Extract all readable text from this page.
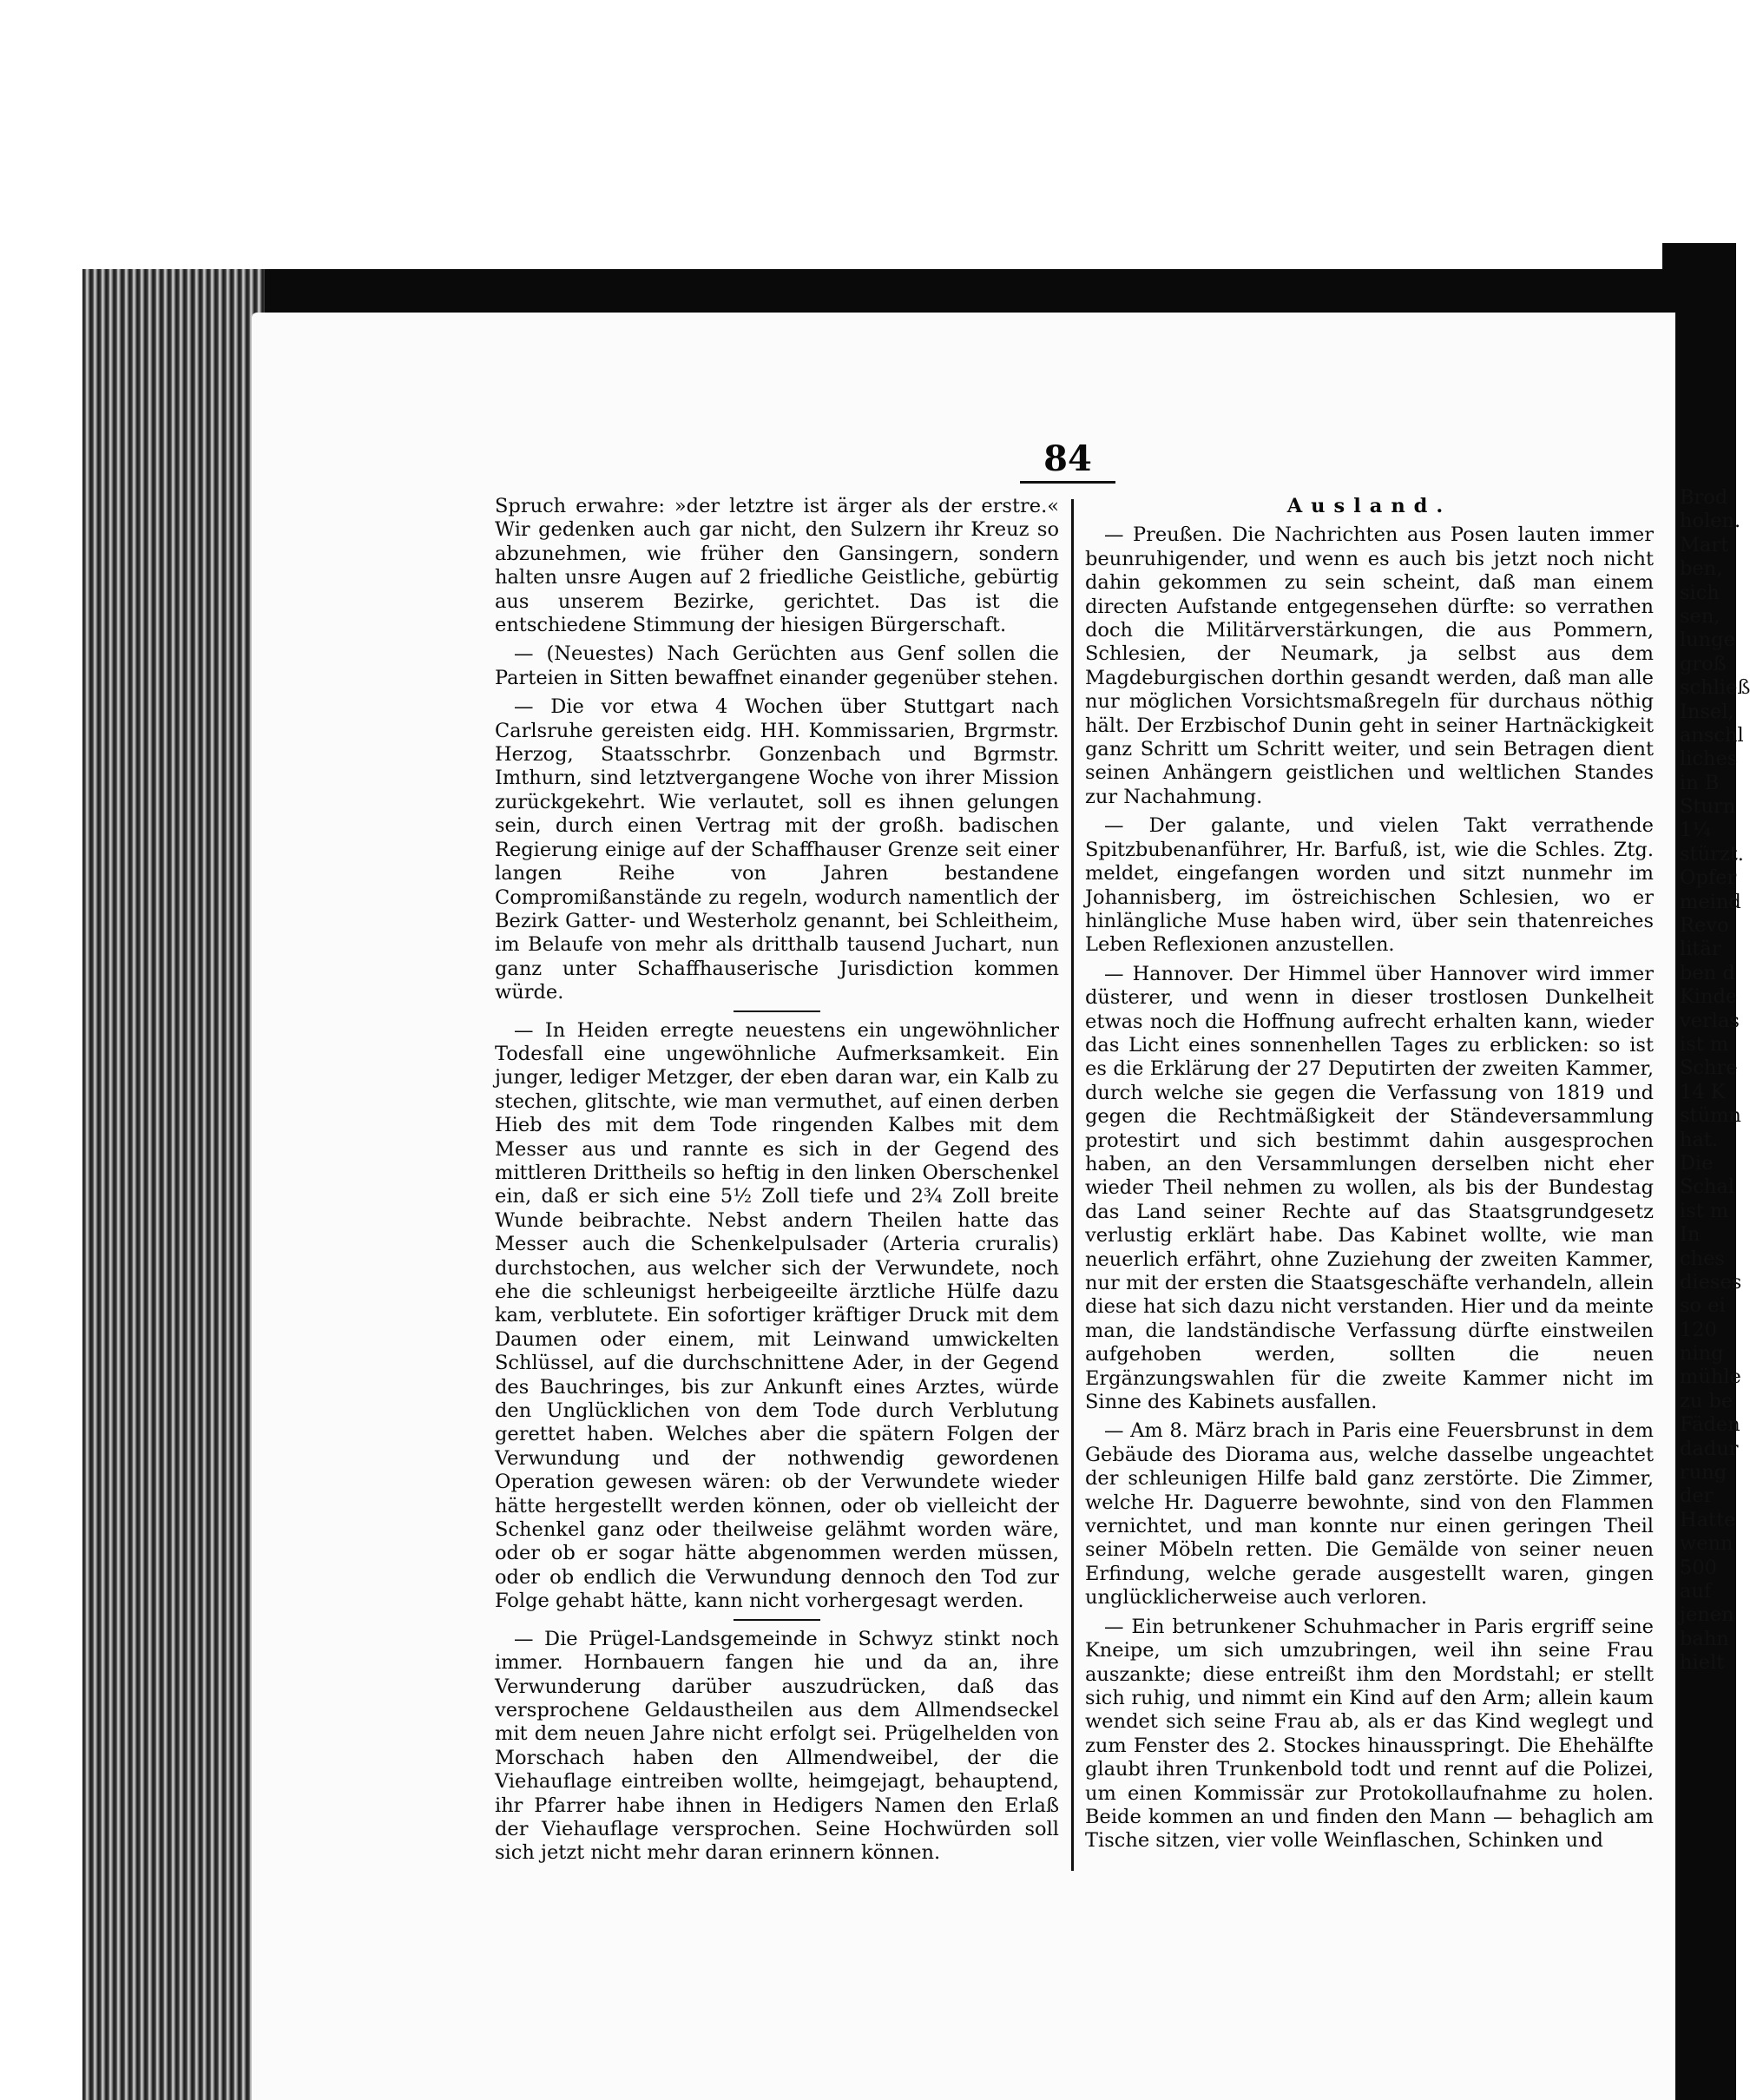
84

Spruch erwahre: »der letztre ist ärger als der erstre.« Wir gedenken auch gar nicht, den Sulzern ihr Kreuz so abzunehmen, wie früher den Gansingern, sondern halten unsre Augen auf 2 friedliche Geistliche, gebürtig aus unserem Bezirke, gerichtet. Das ist die entschiedene Stimmung der hiesigen Bürgerschaft.

— (Neuestes) Nach Gerüchten aus Genf sollen die Parteien in Sitten bewaffnet einander gegenüber stehen.

— Die vor etwa 4 Wochen über Stuttgart nach Carlsruhe gereisten eidg. HH. Kommissarien, Brgrmstr. Herzog, Staatsschrbr. Gonzenbach und Bgrmstr. Imthurn, sind letztvergangene Woche von ihrer Mission zurückgekehrt. Wie verlautet, soll es ihnen gelungen sein, durch einen Vertrag mit der großh. badischen Regierung einige auf der Schaffhauser Grenze seit einer langen Reihe von Jahren bestandene Compromißanstände zu regeln, wodurch namentlich der Bezirk Gatter- und Westerholz genannt, bei Schleitheim, im Belaufe von mehr als dritthalb tausend Juchart, nun ganz unter Schaffhauserische Jurisdiction kommen würde.

— In Heiden erregte neuestens ein ungewöhnlicher Todesfall eine ungewöhnliche Aufmerksamkeit. Ein junger, lediger Metzger, der eben daran war, ein Kalb zu stechen, glitschte, wie man vermuthet, auf einen derben Hieb des mit dem Tode ringenden Kalbes mit dem Messer aus und rannte es sich in der Gegend des mittleren Drittheils so heftig in den linken Oberschenkel ein, daß er sich eine 5½ Zoll tiefe und 2¾ Zoll breite Wunde beibrachte. Nebst andern Theilen hatte das Messer auch die Schenkelpulsader (Arteria cruralis) durchstochen, aus welcher sich der Verwundete, noch ehe die schleunigst herbeigeeilte ärztliche Hülfe dazu kam, verblutete. Ein sofortiger kräftiger Druck mit dem Daumen oder einem, mit Leinwand umwickelten Schlüssel, auf die durchschnittene Ader, in der Gegend des Bauchringes, bis zur Ankunft eines Arztes, würde den Unglücklichen von dem Tode durch Verblutung gerettet haben. Welches aber die spätern Folgen der Verwundung und der nothwendig gewordenen Operation gewesen wären: ob der Verwundete wieder hätte hergestellt werden können, oder ob vielleicht der Schenkel ganz oder theilweise gelähmt worden wäre, oder ob er sogar hätte abgenommen werden müssen, oder ob endlich die Verwundung dennoch den Tod zur Folge gehabt hätte, kann nicht vorhergesagt werden.

— Die Prügel-Landsgemeinde in Schwyz stinkt noch immer. Hornbauern fangen hie und da an, ihre Verwunderung darüber auszudrücken, daß das versprochene Geldaustheilen aus dem Allmendseckel mit dem neuen Jahre nicht erfolgt sei. Prügelhelden von Morschach haben den Allmendweibel, der die Viehauflage eintreiben wollte, heimgejagt, behauptend, ihr Pfarrer habe ihnen in Hedigers Namen den Erlaß der Viehauflage versprochen. Seine Hochwürden soll sich jetzt nicht mehr daran erinnern können.

Ausland.

— Preußen. Die Nachrichten aus Posen lauten immer beunruhigender, und wenn es auch bis jetzt noch nicht dahin gekommen zu sein scheint, daß man einem directen Aufstande entgegensehen dürfte: so verrathen doch die Militärverstärkungen, die aus Pommern, Schlesien, der Neumark, ja selbst aus dem Magdeburgischen dorthin gesandt werden, daß man alle nur möglichen Vorsichtsmaßregeln für durchaus nöthig hält. Der Erzbischof Dunin geht in seiner Hartnäckigkeit ganz Schritt um Schritt weiter, und sein Betragen dient seinen Anhängern geistlichen und weltlichen Standes zur Nachahmung.

— Der galante, und vielen Takt verrathende Spitzbubenanführer, Hr. Barfuß, ist, wie die Schles. Ztg. meldet, eingefangen worden und sitzt nunmehr im Johannisberg, im östreichischen Schlesien, wo er hinlängliche Muse haben wird, über sein thatenreiches Leben Reflexionen anzustellen.

— Hannover. Der Himmel über Hannover wird immer düsterer, und wenn in dieser trostlosen Dunkelheit etwas noch die Hoffnung aufrecht erhalten kann, wieder das Licht eines sonnenhellen Tages zu erblicken: so ist es die Erklärung der 27 Deputirten der zweiten Kammer, durch welche sie gegen die Verfassung von 1819 und gegen die Rechtmäßigkeit der Ständeversammlung protestirt und sich bestimmt dahin ausgesprochen haben, an den Versammlungen derselben nicht eher wieder Theil nehmen zu wollen, als bis der Bundestag das Land seiner Rechte auf das Staatsgrundgesetz verlustig erklärt habe. Das Kabinet wollte, wie man neuerlich erfährt, ohne Zuziehung der zweiten Kammer, nur mit der ersten die Staatsgeschäfte verhandeln, allein diese hat sich dazu nicht verstanden. Hier und da meinte man, die landständische Verfassung dürfte einstweilen aufgehoben werden, sollten die neuen Ergänzungswahlen für die zweite Kammer nicht im Sinne des Kabinets ausfallen.

— Am 8. März brach in Paris eine Feuersbrunst in dem Gebäude des Diorama aus, welche dasselbe ungeachtet der schleunigen Hilfe bald ganz zerstörte. Die Zimmer, welche Hr. Daguerre bewohnte, sind von den Flammen vernichtet, und man konnte nur einen geringen Theil seiner Möbeln retten. Die Gemälde von seiner neuen Erfindung, welche gerade ausgestellt waren, gingen unglücklicherweise auch verloren.

— Ein betrunkener Schuhmacher in Paris ergriff seine Kneipe, um sich umzubringen, weil ihn seine Frau auszankte; diese entreißt ihm den Mordstahl; er stellt sich ruhig, und nimmt ein Kind auf den Arm; allein kaum wendet sich seine Frau ab, als er das Kind weglegt und zum Fenster des 2. Stockes hinausspringt. Die Ehehälfte glaubt ihren Trunkenbold todt und rennt auf die Polizei, um einen Kommissär zur Protokollaufnahme zu holen. Beide kommen an und finden den Mann — behaglich am Tische sitzen, vier volle Weinflaschen, Schinken und

Brod
holen.
Mart
ben,
sich
sen,
lunge
groß
schließ
Insel,
anschl
liches
in B
Sturn
1¼
stürzt.
Opfer
meind
Revo
litär
ben d
Kinde
verlas
ist m
Schre
14 K
stümn
hat.
Die
Schal
ist m
In
ches
dieses
so ei
120
ning
mühle
zu be
Fäden
dadur
rung
der
Hatte
wenn
500
auf
jenen
bahn
hielt
